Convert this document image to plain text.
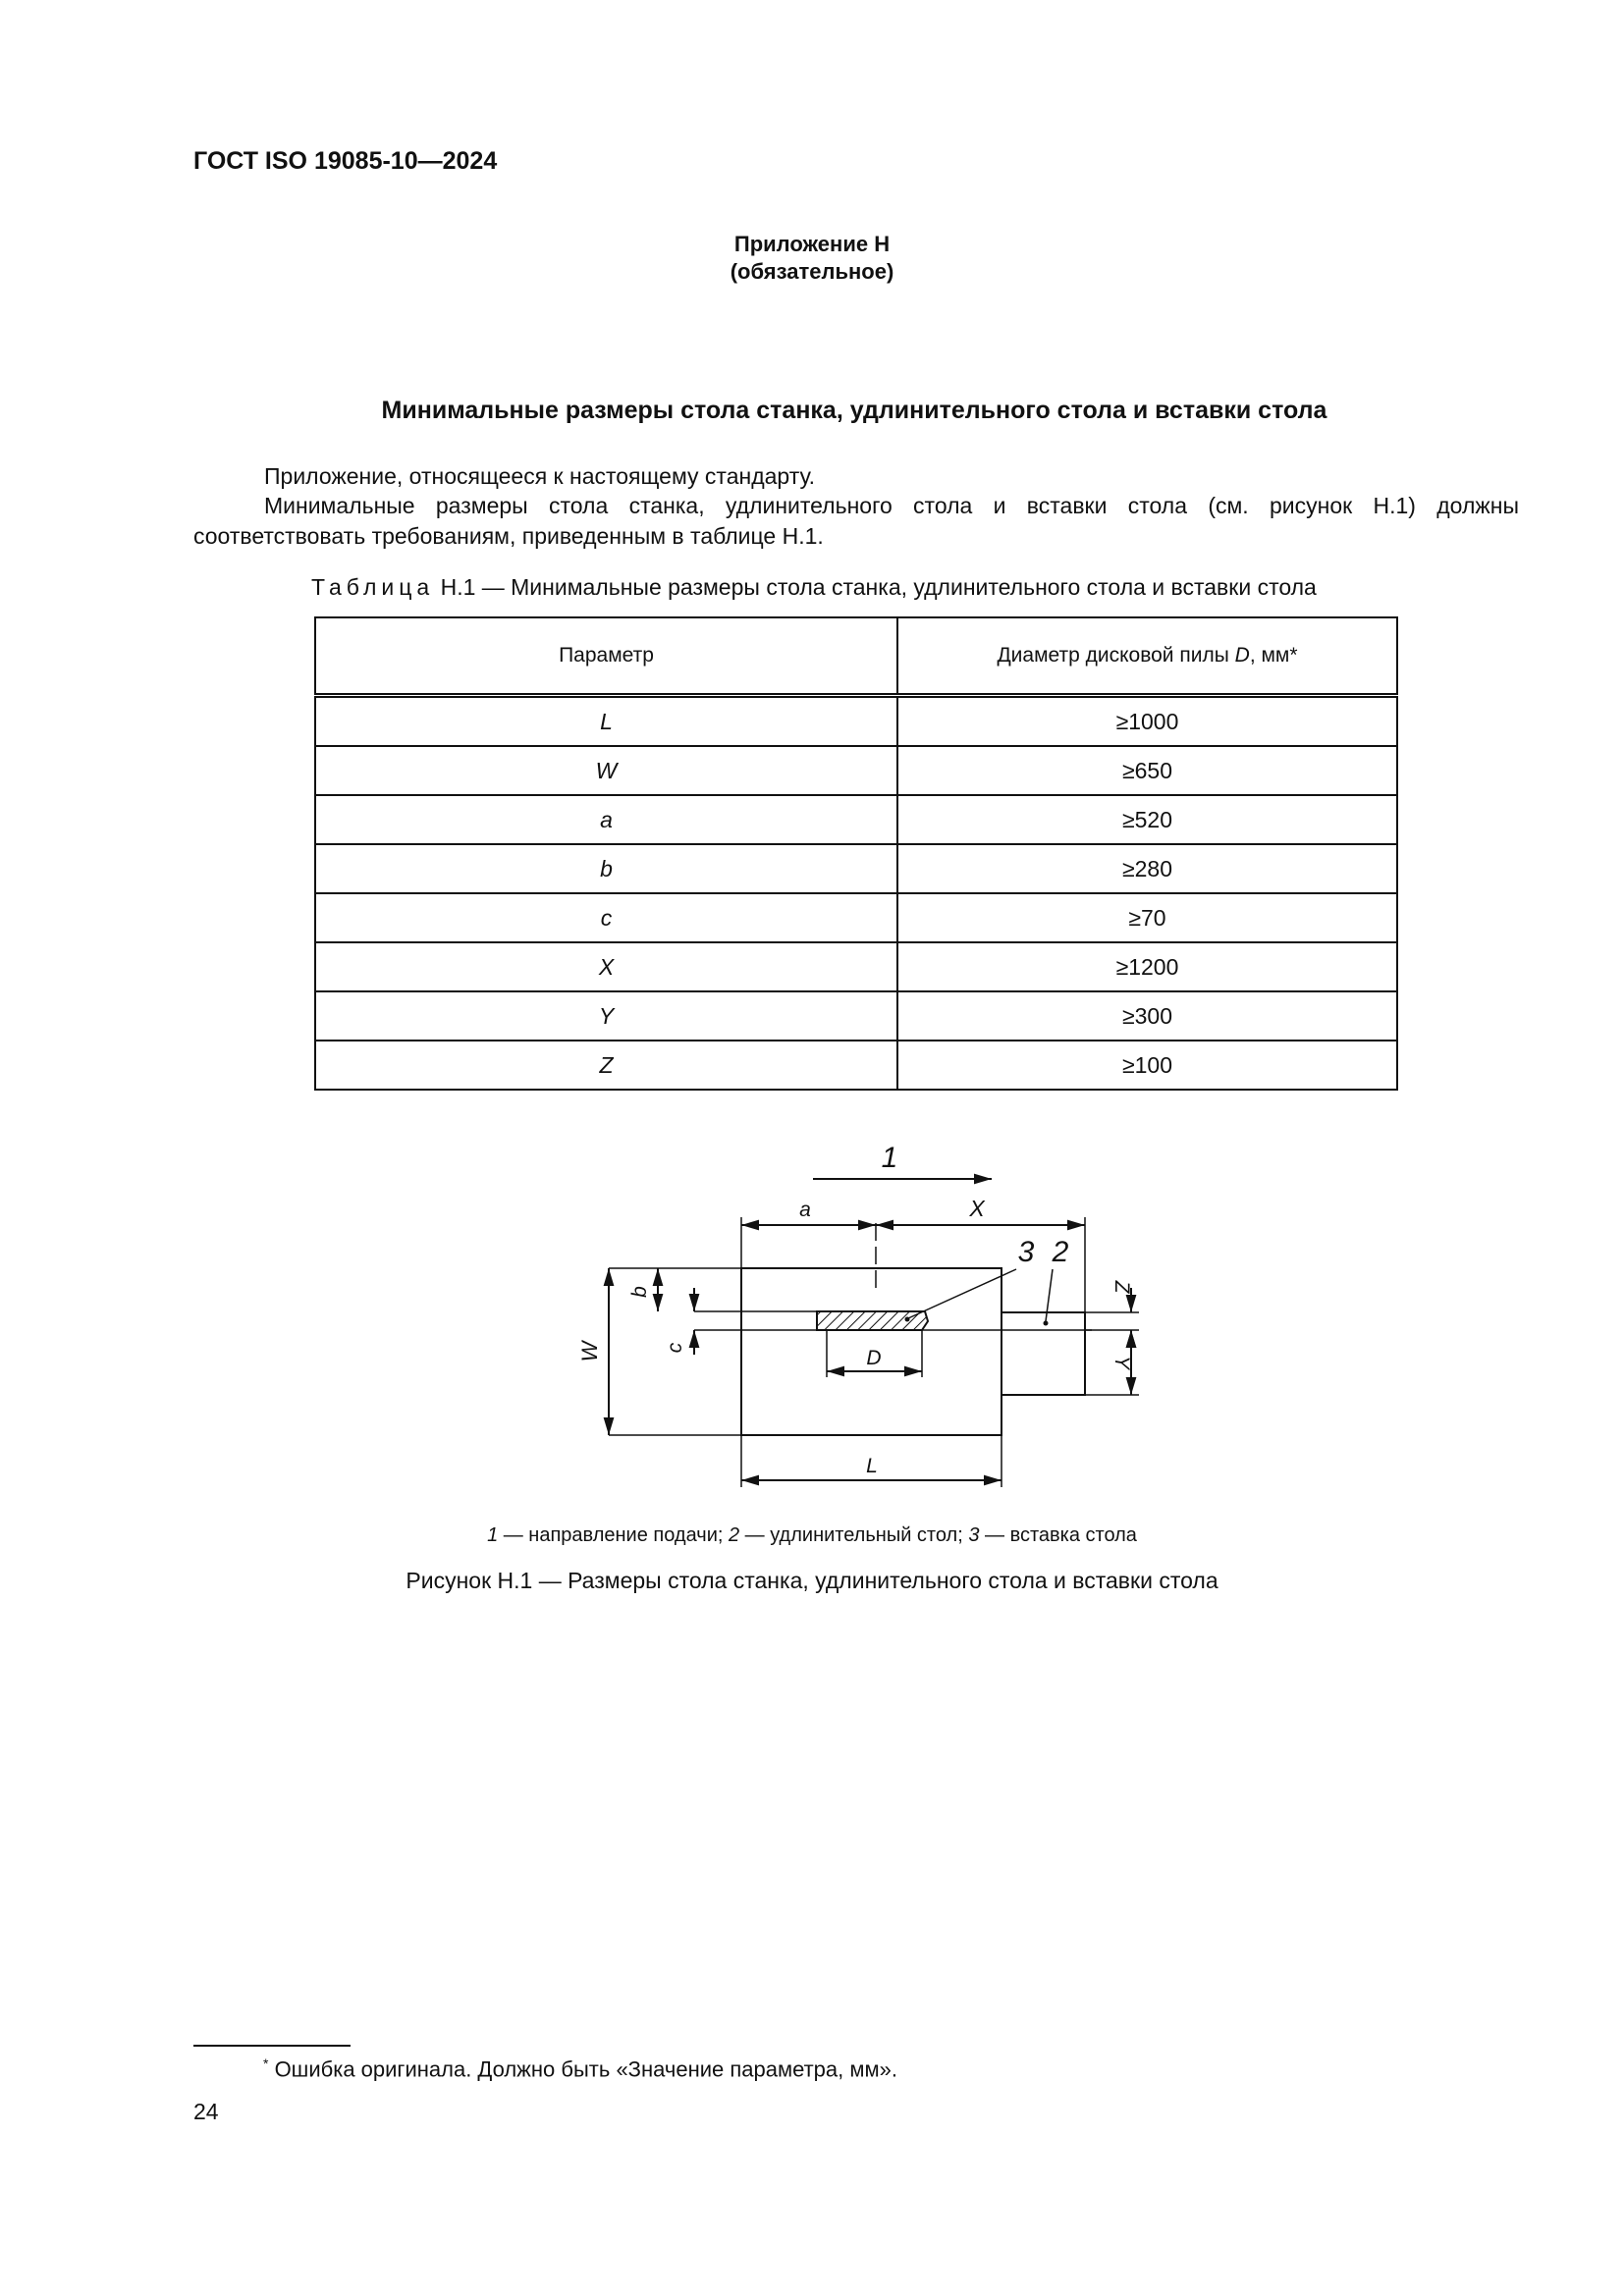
ГОСТ ISO 19085-10—2024
Приложение Н
(обязательное)
Минимальные размеры стола станка, удлинительного стола и вставки стола
Приложение, относящееся к настоящему стандарту.
Минимальные размеры стола станка, удлинительного стола и вставки стола (см. рисунок Н.1) должны соответствовать требованиям, приведенным в таблице Н.1.
Таблица Н.1 — Минимальные размеры стола станка, удлинительного стола и вставки стола
Параметр	Диаметр дисковой пилы D, мм*
L	≥1000
W	≥650
a	≥520
b	≥280
c	≥70
X	≥1200
Y	≥300
Z	≥100
1
a	X
3 2
D
L
W
b
c
Z
Y
1 — направление подачи; 2 — удлинительный стол; 3 — вставка стола
Рисунок Н.1 — Размеры стола станка, удлинительного стола и вставки стола
* Ошибка оригинала. Должно быть «Значение параметра, мм».
24
